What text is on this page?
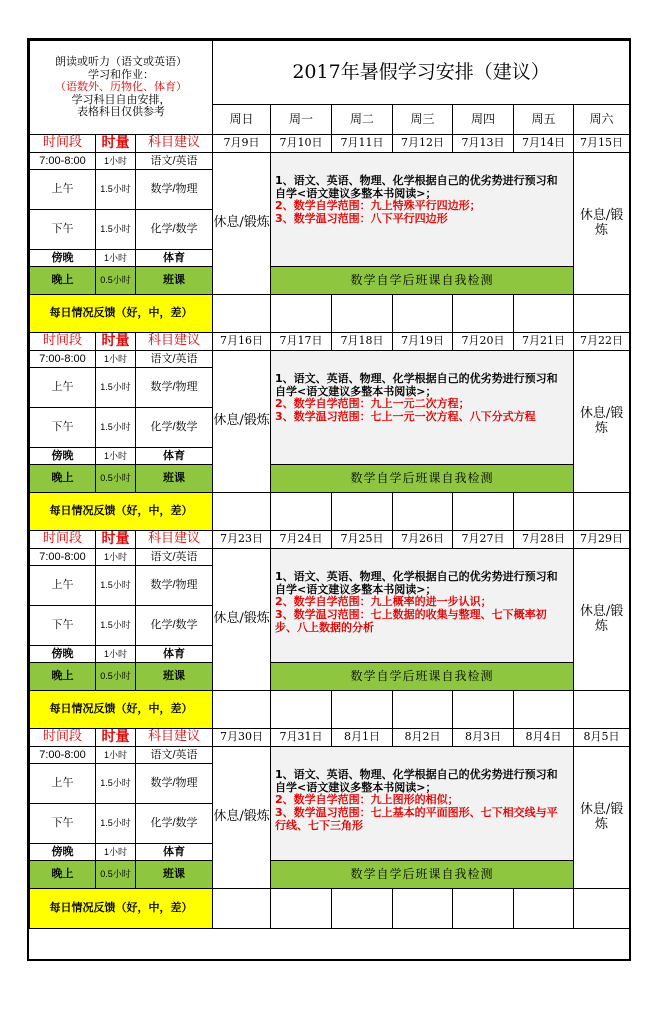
朗读或听力（语文或英语）
学习和作业：
（语数外、历物化、体育）
学习科目自由安排，
表格科目仅供参考			2017年暑假学习安排（建议）						
			周日	周一	周二	周三	周四	周五	周六
时间段	时量	科目建议	7月9日	7月10日	7月11日	7月12日	7月13日	7月14日	7月15日
7:00-8:00	1小时	语文/英语	休息/锻炼	1、语文、英语、物理、化学根据自己的优劣势进行预习和自学<语文建议多整本书阅读>；
2、数学自学范围：九上特殊平行四边形；
3、数学温习范围：八下平行四边形					休息/锻炼
上午	1.5小时	数学/物理							
下午	1.5小时	化学/数学							
傍晚	1小时	体育							
晚上	0.5小时	班课		数学自学后班课自我检测					
每日情况反馈（好，中，差）									
时间段	时量	科目建议	7月16日	7月17日	7月18日	7月19日	7月20日	7月21日	7月22日
7:00-8:00	1小时	语文/英语	休息/锻炼	1、语文、英语、物理、化学根据自己的优劣势进行预习和自学<语文建议多整本书阅读>；
2、数学自学范围：九上一元二次方程；
3、数学温习范围：七上一元一次方程、八下分式方程					休息/锻炼
上午	1.5小时	数学/物理							
下午	1.5小时	化学/数学							
傍晚	1小时	体育							
晚上	0.5小时	班课		数学自学后班课自我检测					
每日情况反馈（好，中，差）									
时间段	时量	科目建议	7月23日	7月24日	7月25日	7月26日	7月27日	7月28日	7月29日
7:00-8:00	1小时	语文/英语	休息/锻炼	1、语文、英语、物理、化学根据自己的优劣势进行预习和自学<语文建议多整本书阅读>；
2、数学自学范围：九上概率的进一步认识；
3、数学温习范围：七上数据的收集与整理、七下概率初步、八上数据的分析					休息/锻炼
上午	1.5小时	数学/物理							
下午	1.5小时	化学/数学							
傍晚	1小时	体育							
晚上	0.5小时	班课		数学自学后班课自我检测					
每日情况反馈（好，中，差）									
时间段	时量	科目建议	7月30日	7月31日	8月1日	8月2日	8月3日	8月4日	8月5日
7:00-8:00	1小时	语文/英语	休息/锻炼	1、语文、英语、物理、化学根据自己的优劣势进行预习和自学<语文建议多整本书阅读>；
2、数学自学范围：九上图形的相似；
3、数学温习范围：七上基本的平面图形、七下相交线与平行线、七下三角形					休息/锻炼
上午	1.5小时	数学/物理							
下午	1.5小时	化学/数学							
傍晚	1小时	体育							
晚上	0.5小时	班课		数学自学后班课自我检测					
每日情况反馈（好，中，差）									
